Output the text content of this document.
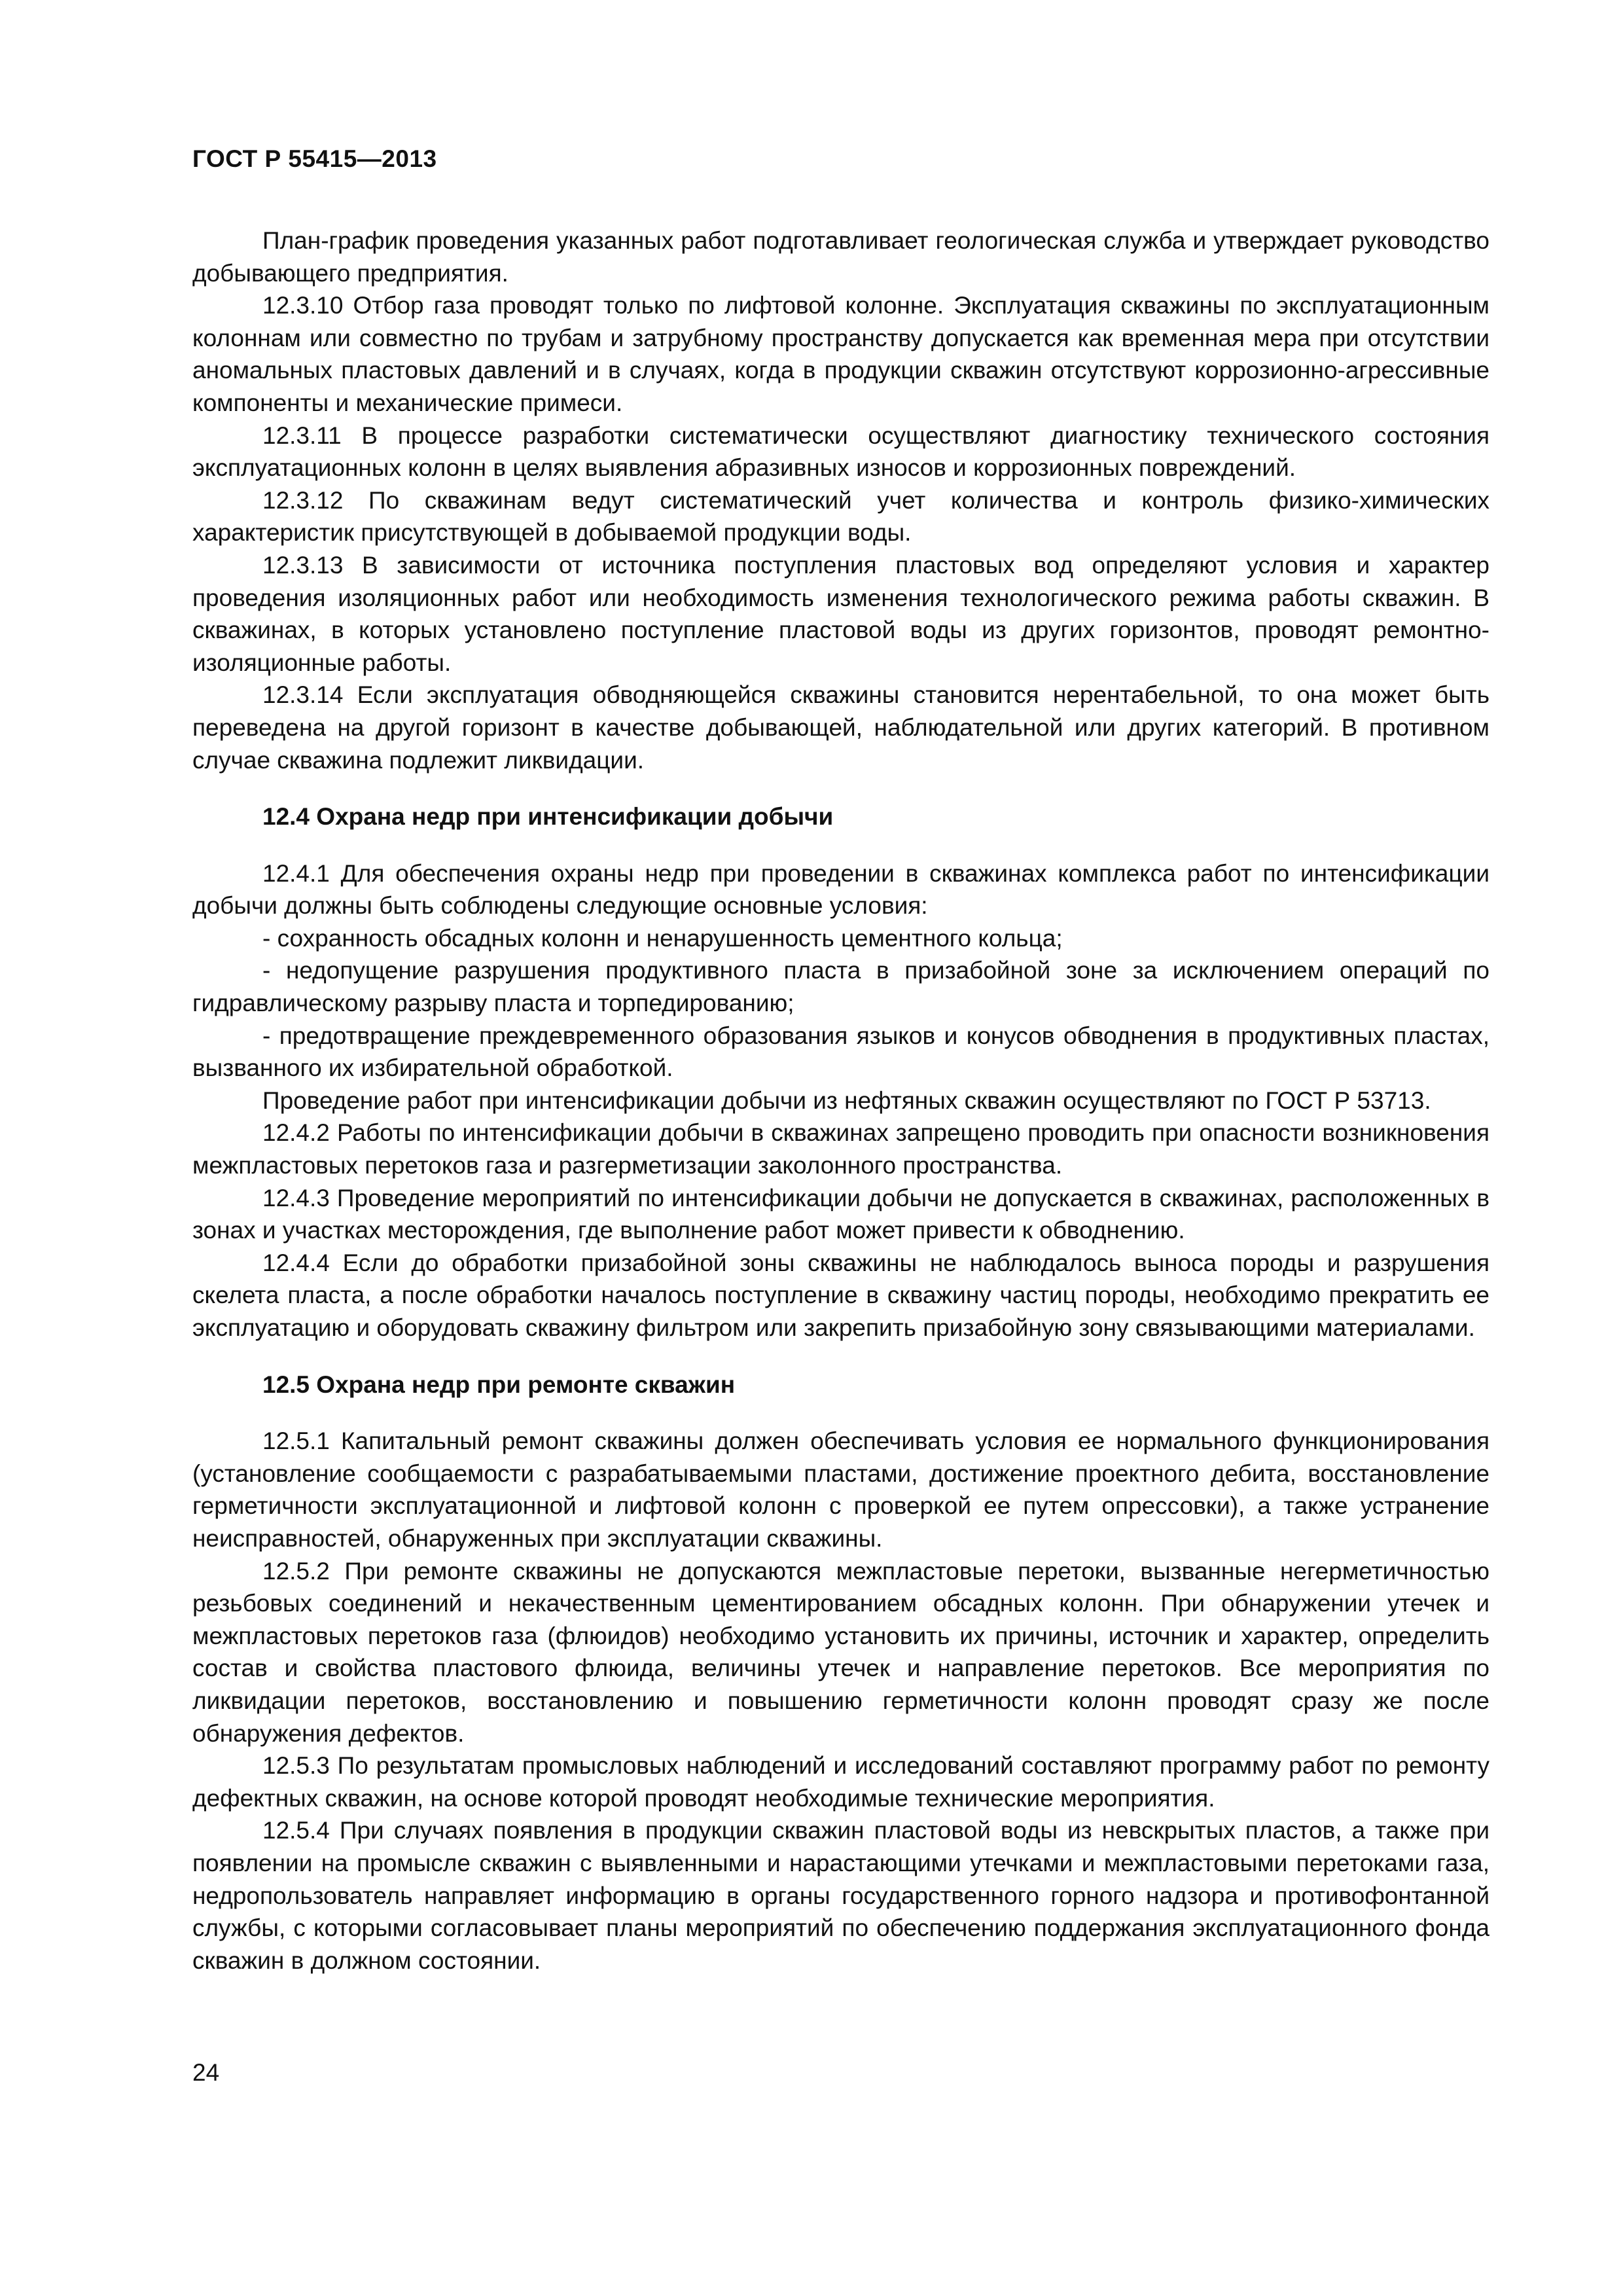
ГОСТ Р 55415—2013

План-график проведения указанных работ подготавливает геологическая служба и утверждает руководство добывающего предприятия.

12.3.10 Отбор газа проводят только по лифтовой колонне. Эксплуатация скважины по эксплуатационным колоннам или совместно по трубам и затрубному пространству допускается как временная мера при отсутствии аномальных пластовых давлений и в случаях, когда в продукции скважин отсутствуют коррозионно-агрессивные компоненты и механические примеси.

12.3.11 В процессе разработки систематически осуществляют диагностику технического состояния эксплуатационных колонн в целях выявления абразивных износов и коррозионных повреждений.

12.3.12 По скважинам ведут систематический учет количества и контроль физико-химических характеристик присутствующей в добываемой продукции воды.

12.3.13 В зависимости от источника поступления пластовых вод определяют условия и характер проведения изоляционных работ или необходимость изменения технологического режима работы скважин. В скважинах, в которых установлено поступление пластовой воды из других горизонтов, проводят ремонтно-изоляционные работы.

12.3.14 Если эксплуатация обводняющейся скважины становится нерентабельной, то она может быть переведена на другой горизонт в качестве добывающей, наблюдательной или других категорий. В противном случае скважина подлежит ликвидации.

12.4 Охрана недр при интенсификации добычи

12.4.1 Для обеспечения охраны недр при проведении в скважинах комплекса работ по интенсификации добычи должны быть соблюдены следующие основные условия:

- сохранность обсадных колонн и ненарушенность цементного кольца;

- недопущение разрушения продуктивного пласта в призабойной зоне за исключением операций по гидравлическому разрыву пласта и торпедированию;

- предотвращение преждевременного образования языков и конусов обводнения в продуктивных пластах, вызванного их избирательной обработкой.

Проведение работ при интенсификации добычи из нефтяных скважин осуществляют по ГОСТ Р 53713.

12.4.2 Работы по интенсификации добычи в скважинах запрещено проводить при опасности возникновения межпластовых перетоков газа и разгерметизации заколонного пространства.

12.4.3 Проведение мероприятий по интенсификации добычи не допускается в скважинах, расположенных в зонах и участках месторождения, где выполнение работ может привести к обводнению.

12.4.4 Если до обработки призабойной зоны скважины не наблюдалось выноса породы и разрушения скелета пласта, а после обработки началось поступление в скважину частиц породы, необходимо прекратить ее эксплуатацию и оборудовать скважину фильтром или закрепить призабойную зону связывающими материалами.

12.5 Охрана недр при ремонте скважин

12.5.1 Капитальный ремонт скважины должен обеспечивать условия ее нормального функционирования (установление сообщаемости с разрабатываемыми пластами, достижение проектного дебита, восстановление герметичности эксплуатационной и лифтовой колонн с проверкой ее путем опрессовки), а также устранение неисправностей, обнаруженных при эксплуатации скважины.

12.5.2 При ремонте скважины не допускаются межпластовые перетоки, вызванные негерметичностью резьбовых соединений и некачественным цементированием обсадных колонн. При обнаружении утечек и межпластовых перетоков газа (флюидов) необходимо установить их причины, источник и характер, определить состав и свойства пластового флюида, величины утечек и направление перетоков. Все мероприятия по ликвидации перетоков, восстановлению и повышению герметичности колонн проводят сразу же после обнаружения дефектов.

12.5.3 По результатам промысловых наблюдений и исследований составляют программу работ по ремонту дефектных скважин, на основе которой проводят необходимые технические мероприятия.

12.5.4 При случаях появления в продукции скважин пластовой воды из невскрытых пластов, а также при появлении на промысле скважин с выявленными и нарастающими утечками и межпластовыми перетоками газа, недропользователь направляет информацию в органы государственного горного надзора и противофонтанной службы, с которыми согласовывает планы мероприятий по обеспечению поддержания эксплуатационного фонда скважин в должном состоянии.

24
